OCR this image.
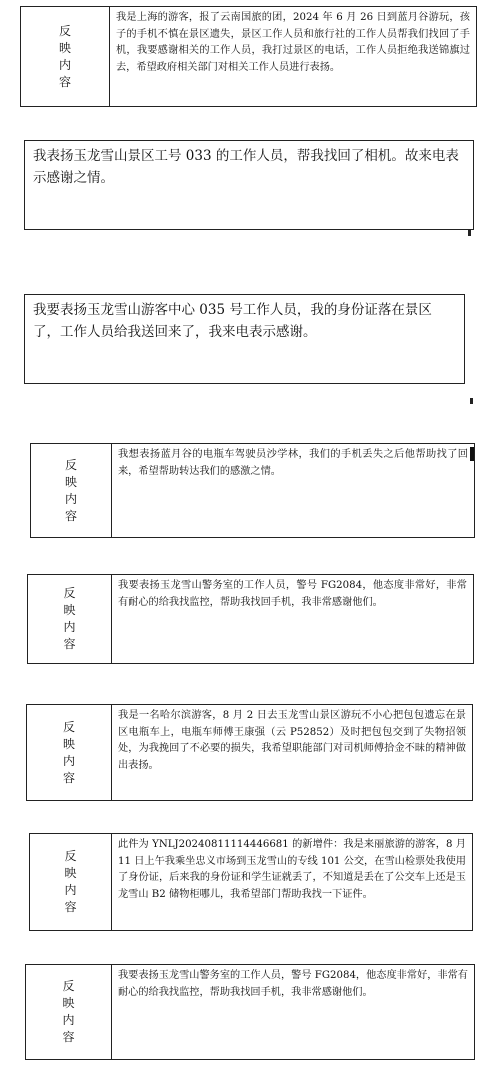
反
映
内
容
	我是上海的游客，报了云南国旅的团，2024 年 6 月 26 日到蓝月谷游玩，孩子的手机不慎在景区遗失，景区工作人员和旅行社的工作人员帮我们找回了手机，我要感谢相关的工作人员，我打过景区的电话，工作人员拒绝我送锦旗过去，希望政府相关部门对相关工作人员进行表扬。
我表扬玉龙雪山景区工号 033 的工作人员，帮我找回了相机。故来电表示感谢之情。
我要表扬玉龙雪山游客中心 035 号工作人员，我的身份证落在景区了，工作人员给我送回来了，我来电表示感谢。
反
映
内
容
	我想表扬蓝月谷的电瓶车驾驶员沙学林，我们的手机丢失之后他帮助找了回来，希望帮助转达我们的感激之情。
反
映
内
容
	我要表扬玉龙雪山警务室的工作人员，警号 FG2084，他态度非常好，非常有耐心的给我找监控，帮助我找回手机，我非常感谢他们。
反
映
内
容
	我是一名哈尔滨游客，8 月 2 日去玉龙雪山景区游玩不小心把包包遗忘在景区电瓶车上，电瓶车师傅王康强（云 P52852）及时把包包交到了失物招领处，为我挽回了不必要的损失，我希望职能部门对司机师傅拾金不昧的精神做出表扬。
反
映
内
容
	此件为 YNLJ20240811114446681 的新增件：我是来丽旅游的游客，8 月 11 日上午我乘坐忠义市场到玉龙雪山的专线 101 公交，在雪山检票处我使用了身份证，后来我的身份证和学生证就丢了，不知道是丢在了公交车上还是玉龙雪山 B2 储物柜哪儿，我希望部门帮助我找一下证件。
反
映
内
容
	我要表扬玉龙雪山警务室的工作人员，警号 FG2084，他态度非常好，非常有耐心的给我找监控，帮助我找回手机，我非常感谢他们。
